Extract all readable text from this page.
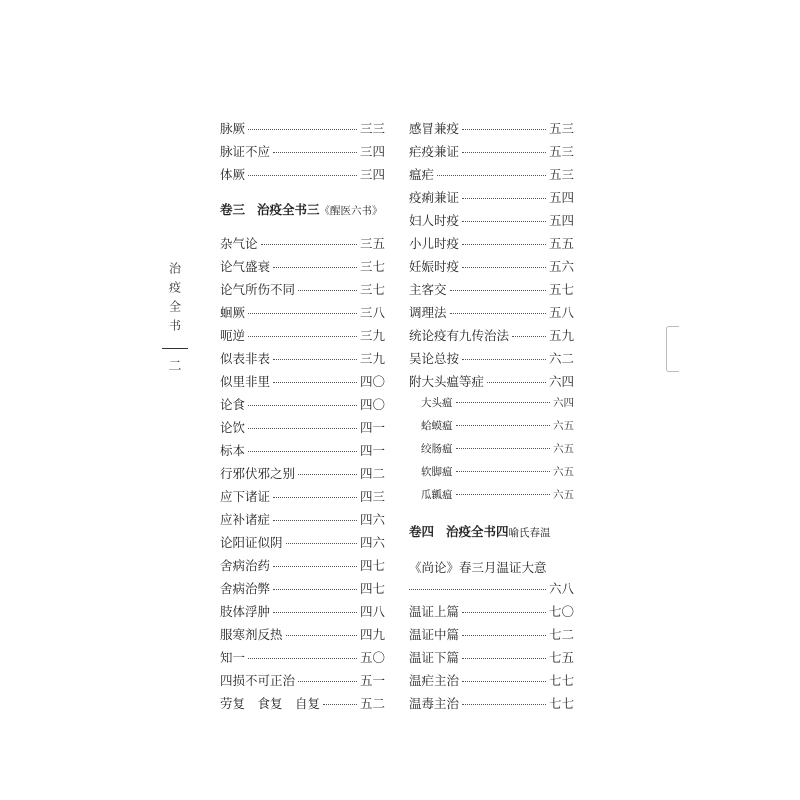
治疫全书
二
脉厥	三三
脉证不应	三四
体厥	三四
卷三 治疫全书三 《醒医六书》
杂气论	三五
论气盛衰	三七
论气所伤不同	三七
蛔厥	三八
呃逆	三九
似表非表	三九
似里非里	四〇
论食	四〇
论饮	四一
标本	四一
行邪伏邪之别	四二
应下诸证	四三
应补诸症	四六
论阳证似阴	四六
舍病治药	四七
舍病治弊	四七
肢体浮肿	四八
服寒剂反热	四九
知一	五〇
四损不可正治	五一
劳复　食复　自复	五二
感冒兼疫	五三
疟疫兼证	五三
瘟疟	五三
疫痢兼证	五四
妇人时疫	五四
小儿时疫	五五
妊娠时疫	五六
主客交	五七
调理法	五八
统论疫有九传治法	五九
吴论总按	六二
附大头瘟等症	六四
大头瘟	六四
蛤蟆瘟	六五
绞肠瘟	六五
软脚瘟	六五
瓜瓤瘟	六五
卷四 治疫全书四 喻氏春温
《尚论》春三月温证大意
六八
温证上篇	七〇
温证中篇	七二
温证下篇	七五
温疟主治	七七
温毒主治	七七
